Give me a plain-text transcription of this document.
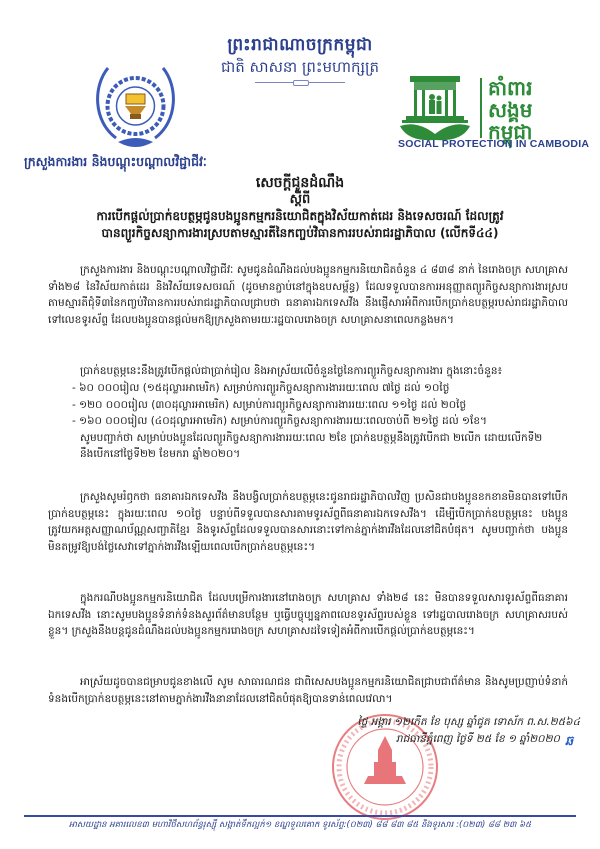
ព្រះរាជាណាចក្រកម្ពុជា
ជាតិ សាសនា ព្រះមហាក្សត្រ
គាំពារ
សង្គម
កម្ពុជា
SOCIAL PROTECTION IN CAMBODIA
ក្រសួងការងារ និងបណ្តុះបណ្តាលវិជ្ជាជីវៈ
សេចក្តីជូនដំណឹង
ស្តីពី
ការបើកផ្តល់ប្រាក់ឧបត្ថម្ភជូនបងប្អូនកម្មករនិយោជិតក្នុងវិស័យកាត់ដេរ និងទេសចរណ៍ ដែលត្រូវ
បានព្យួរកិច្ចសន្យាការងារស្របតាមស្មារតីនៃកញ្ចប់វិធានការរបស់រាជរដ្ឋាភិបាល (លើកទី៤៤)
ក្រសួងការងារ និងបណ្តុះបណ្តាលវិជ្ជាជីវៈ សូមជូនដំណឹងដល់បងប្អូនកម្មករនិយោជិតចំនួន ៤ ៨៣៨ នាក់ នៃរោងចក្រ សហគ្រាស ទាំង២៨ នៃវិស័យកាត់ដេរ និងវិស័យទេសចរណ៍ (ដូចមានភ្ជាប់នៅក្នុងឧបសម្ព័ន្ធ) ដែលទទួលបានការអនុញ្ញាតព្យួរកិច្ចសន្យាការងារស្របតាមស្មារតីជុំទី៣នៃកញ្ចប់វិធានការរបស់រាជរដ្ឋាភិបាលជ្រាបថា ធនាគារឯកទេសវីង នឹងផ្ញើសារអំពីការបើកប្រាក់ឧបត្ថម្ភរបស់រាជរដ្ឋាភិបាលទៅលេខទូរស័ព្ទ ដែលបងប្អូនបានផ្តល់មកឱ្យក្រសួងតាមរយៈរដ្ឋបាលរោងចក្រ សហគ្រាសនាពេលកន្លងមក។
ប្រាក់ឧបត្ថម្ភនេះនឹងត្រូវបើកផ្តល់ជាប្រាក់រៀល និងអាស្រ័យលើចំនួនថ្ងៃនៃការព្យួរកិច្ចសន្យាការងារ ក្នុងនោះចំនួន៖
- ៦០ ០០០រៀល (១៥ដុល្លារអាមេរិក) សម្រាប់ការព្យួរកិច្ចសន្យាការងាររយៈពេល ៧ថ្ងៃ ដល់ ១០ថ្ងៃ
- ១២០ ០០០រៀល (៣០ដុល្លារអាមេរិក) សម្រាប់ការព្យួរកិច្ចសន្យាការងាររយៈពេល ១១ថ្ងៃ ដល់ ២០ថ្ងៃ
- ១៦០ ០០០រៀល (៤០ដុល្លារអាមេរិក) សម្រាប់ការព្យួរកិច្ចសន្យាការងាររយៈពេលចាប់ពី ២១ថ្ងៃ ដល់ ១ខែ។
សូមបញ្ជាក់ថា សម្រាប់បងប្អូនដែលព្យួរកិច្ចសន្យាការងាររយៈពេល ២ខែ ប្រាក់ឧបត្ថម្ភនឹងត្រូវបើកជា ២លើក ដោយលើកទី២ នឹងបើកនៅថ្ងៃទី២២ ខែមករា ឆ្នាំ២០២០។
ក្រសួងសូមរំឭកថា ធនាគារឯកទេសវីង នឹងបង្វិលប្រាក់ឧបត្ថម្ភនេះជូនរាជរដ្ឋាភិបាលវិញ ប្រសិនជាបងប្អូនខកខានមិនបានទៅបើកប្រាក់ឧបត្ថម្ភនេះ ក្នុងរយៈពេល ១០ថ្ងៃ បន្ទាប់ពីទទួលបានសារតាមទូរស័ព្ទពីធនាគារឯកទេសវីង។ ដើម្បីបើកប្រាក់ឧបត្ថម្ភនេះ បងប្អូនត្រូវយកអត្តសញ្ញាណប័ណ្ណសញ្ជាតិខ្មែរ និងទូរស័ព្ទដែលទទួលបានសារនោះទៅកាន់ភ្នាក់ងារវីងដែលនៅជិតបំផុត។ សូមបញ្ជាក់ថា បងប្អូនមិនតម្រូវឱ្យបង់ថ្លៃសេវាទៅភ្នាក់ងារវីងឡើយពេលបើកប្រាក់ឧបត្ថម្ភនេះ។
ក្នុងករណីបងប្អូនកម្មករនិយោជិត ដែលបម្រើការងារនៅរោងចក្រ សហគ្រាស ទាំង២៨ នេះ មិនបានទទួលសារទូរស័ព្ទពីធនាគារឯកទេសវីង នោះសូមបងប្អូនទំនាក់ទំនងសួរព័ត៌មានបន្ថែម ឬធ្វើបច្ចុប្បន្នភាពលេខទូរស័ព្ទរបស់ខ្លួន ទៅរដ្ឋបាលរោងចក្រ សហគ្រាសរបស់ខ្លួន។ ក្រសួងនឹងបន្តជូនដំណឹងដល់បងប្អូនកម្មកររោងចក្រ សហគ្រាសដទៃទៀតអំពីការបើកផ្តល់ប្រាក់ឧបត្ថម្ភនេះ។
អាស្រ័យដូចបានជម្រាបជូនខាងលើ សូម សាធារណជន ជាពិសេសបងប្អូនកម្មករនិយោជិតជ្រាបជាព័ត៌មាន និងសូមប្រញាប់ទំនាក់ទំនងបើកប្រាក់ឧបត្ថម្ភនេះនៅតាមភ្នាក់ងារវីងនានាដែលនៅជិតបំផុតឱ្យបានទាន់ពេលវេលា។
ថ្ងៃ អង្គារ ១២កើត ខែ បុស្ស ឆ្នាំជូត ទោស័ក ព.ស.២៥៦៤
រាជធានីភ្នំពេញ ថ្ងៃទី ២៥ ខែ ១ ឆ្នាំ២០២០ ឆ
អាសយដ្ឋាន អគារលេខ៣ មហាវិថីសហព័ន្ធរុស្ស៊ី សង្កាត់ទឹកល្អក់១ ខណ្ឌទួលគោក ទូរស័ព្ទ:(០២៣) ៨៨ ៨៣ ៨៥ និងទូរសារ :(០២៣) ៨៨ ២៣ ៦៥
